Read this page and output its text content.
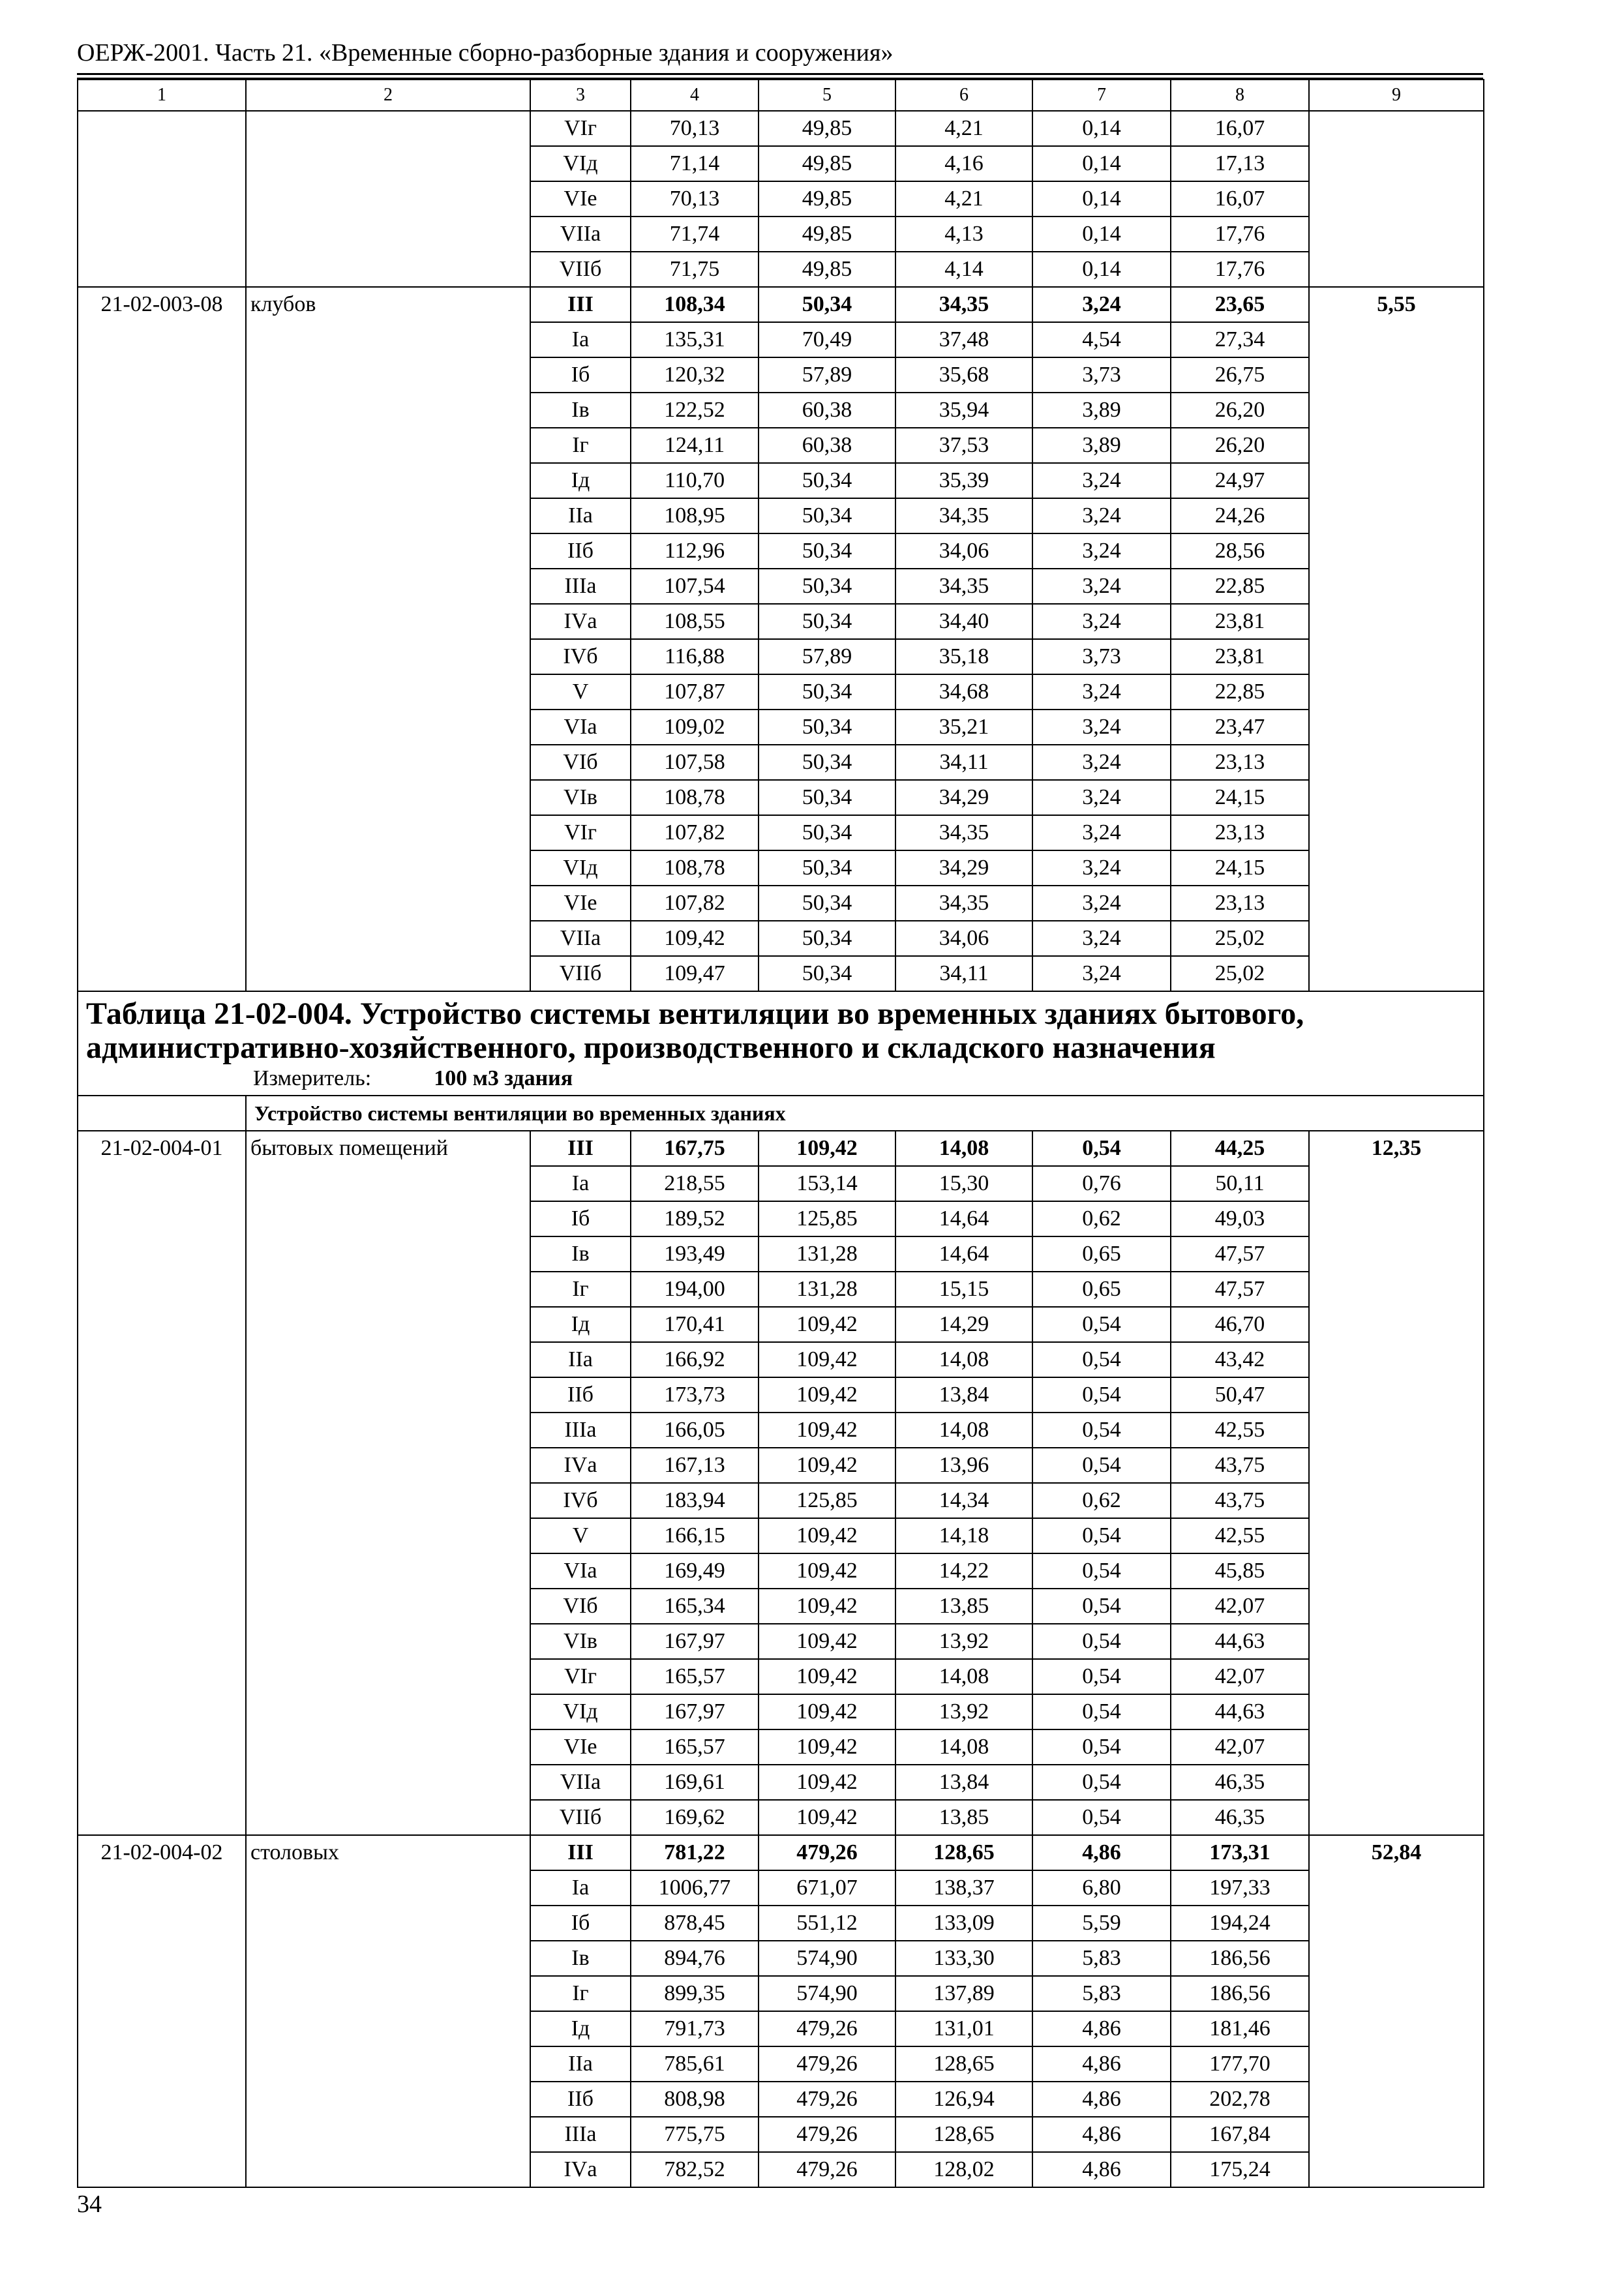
ОЕРЖ-2001. Часть 21. «Временные сборно-разборные здания и сооружения»
1	2	3	4	5	6	7	8	9
		VIг	70,13	49,85	4,21	0,14	16,07	
		VIд	71,14	49,85	4,16	0,14	17,13	
		VIе	70,13	49,85	4,21	0,14	16,07	
		VIIа	71,74	49,85	4,13	0,14	17,76	
		VIIб	71,75	49,85	4,14	0,14	17,76	
21-02-003-08	клубов	III	108,34	50,34	34,35	3,24	23,65	5,55
		Iа	135,31	70,49	37,48	4,54	27,34	
		Iб	120,32	57,89	35,68	3,73	26,75	
		Iв	122,52	60,38	35,94	3,89	26,20	
		Iг	124,11	60,38	37,53	3,89	26,20	
		Iд	110,70	50,34	35,39	3,24	24,97	
		IIа	108,95	50,34	34,35	3,24	24,26	
		IIб	112,96	50,34	34,06	3,24	28,56	
		IIIа	107,54	50,34	34,35	3,24	22,85	
		IVа	108,55	50,34	34,40	3,24	23,81	
		IVб	116,88	57,89	35,18	3,73	23,81	
		V	107,87	50,34	34,68	3,24	22,85	
		VIа	109,02	50,34	35,21	3,24	23,47	
		VIб	107,58	50,34	34,11	3,24	23,13	
		VIв	108,78	50,34	34,29	3,24	24,15	
		VIг	107,82	50,34	34,35	3,24	23,13	
		VIд	108,78	50,34	34,29	3,24	24,15	
		VIе	107,82	50,34	34,35	3,24	23,13	
		VIIа	109,42	50,34	34,06	3,24	25,02	
		VIIб	109,47	50,34	34,11	3,24	25,02	

Таблица 21-02-004. Устройство системы вентиляции во временных зданиях бытового, административно-хозяйственного, производственного и складского назначения
Измеритель: 100 м3 здания								

	Устройство системы вентиляции во временных зданиях							
21-02-004-01	бытовых помещений	III	167,75	109,42	14,08	0,54	44,25	12,35
		Iа	218,55	153,14	15,30	0,76	50,11	
		Iб	189,52	125,85	14,64	0,62	49,03	
		Iв	193,49	131,28	14,64	0,65	47,57	
		Iг	194,00	131,28	15,15	0,65	47,57	
		Iд	170,41	109,42	14,29	0,54	46,70	
		IIа	166,92	109,42	14,08	0,54	43,42	
		IIб	173,73	109,42	13,84	0,54	50,47	
		IIIа	166,05	109,42	14,08	0,54	42,55	
		IVа	167,13	109,42	13,96	0,54	43,75	
		IVб	183,94	125,85	14,34	0,62	43,75	
		V	166,15	109,42	14,18	0,54	42,55	
		VIа	169,49	109,42	14,22	0,54	45,85	
		VIб	165,34	109,42	13,85	0,54	42,07	
		VIв	167,97	109,42	13,92	0,54	44,63	
		VIг	165,57	109,42	14,08	0,54	42,07	
		VIд	167,97	109,42	13,92	0,54	44,63	
		VIе	165,57	109,42	14,08	0,54	42,07	
		VIIа	169,61	109,42	13,84	0,54	46,35	
		VIIб	169,62	109,42	13,85	0,54	46,35	
21-02-004-02	столовых	III	781,22	479,26	128,65	4,86	173,31	52,84
		Iа	1006,77	671,07	138,37	6,80	197,33	
		Iб	878,45	551,12	133,09	5,59	194,24	
		Iв	894,76	574,90	133,30	5,83	186,56	
		Iг	899,35	574,90	137,89	5,83	186,56	
		Iд	791,73	479,26	131,01	4,86	181,46	
		IIа	785,61	479,26	128,65	4,86	177,70	
		IIб	808,98	479,26	126,94	4,86	202,78	
		IIIа	775,75	479,26	128,65	4,86	167,84	
		IVа	782,52	479,26	128,02	4,86	175,24	
34
